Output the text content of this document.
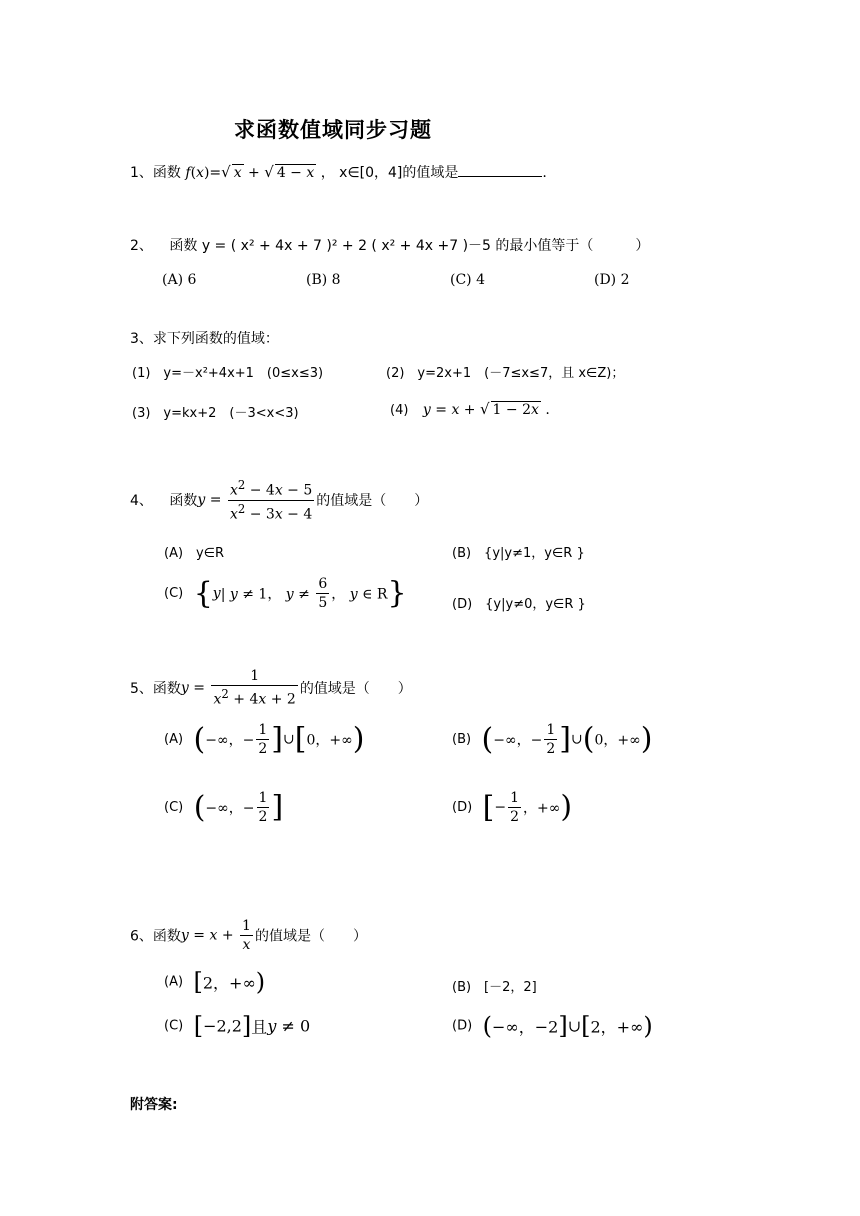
求函数值域同步习题
1、函数 f(x)=√ x + √ 4 − x ， x∈[0，4]的值域是	.
2、 函数 y = ( x² + 4x + 7 )² + 2 ( x² + 4x +7 )－5 的最小值等于（　　　）
(A) 6	(B) 8	(C) 4	(D) 2
3、求下列函数的值域：
(1)　y=－x²+4x+1　(0≤x≤3)	(2)　y=2x+1　(－7≤x≤7，且 x∈Z)；
(3)　y=kx+2　(－3<x<3)	(4) y = x + √ 1 − 2x .
4、 函数$y = \frac{x^2 - 4x - 5}{x^2 - 3x - 4}$ 的值域是（　　）
(A)　y∈R	(B)　{y|y≠1，y∈R }
(C) {y| y ≠ 1， $y \ne \frac{6}{5}$ ， y ∈ R}	(D)　{y|y≠0，y∈R }
5、函数$y = \frac{1}{x^2 + 4x + 2}$ 的值域是（　　）
(A) (−∞，− $\frac{1}{2}$ ]∪[0，+∞)	(B) (−∞，− $\frac{1}{2}$ ]∪(0，+∞)
(C) (−∞，− $\frac{1}{2}$ ]	(D) [− $\frac{1}{2}$ ，+∞)
6、函数$y = x + \frac{1}{x}$ 的值域是（　　）
(A) [2，+∞)	(B)　[－2，2]
(C) [−2,2]且y ≠ 0	(D) (−∞，−2]∪[2，+∞)
附答案:
